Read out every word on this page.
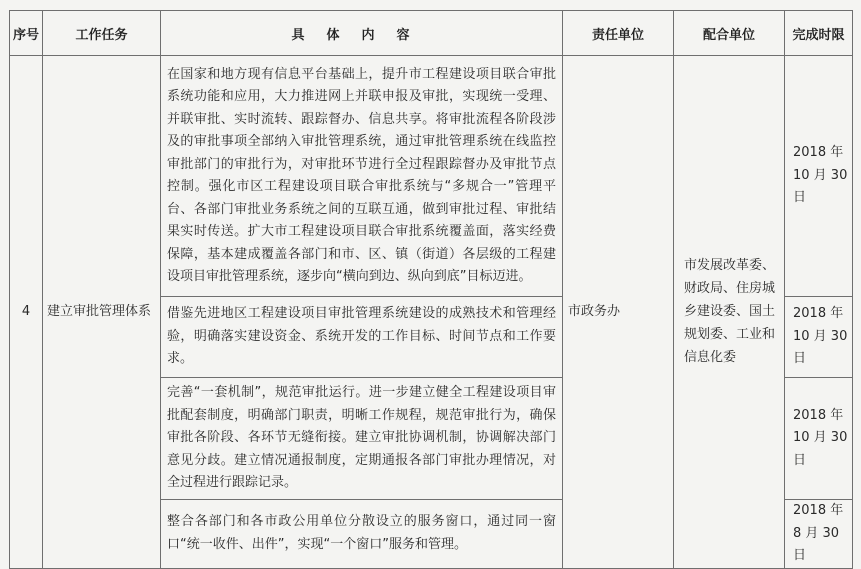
序号	工作任务	具体内容	责任单位	配合单位	完成时限
4	建立审批管理体系	在国家和地方现有信息平台基础上，提升市工程建设项目联合审批系统功能和应用，大力推进网上并联申报及审批，实现统一受理、并联审批、实时流转、跟踪督办、信息共享。将审批流程各阶段涉及的审批事项全部纳入审批管理系统，通过审批管理系统在线监控审批部门的审批行为，对审批环节进行全过程跟踪督办及审批节点控制。强化市区工程建设项目联合审批系统与“多规合一”管理平台、各部门审批业务系统之间的互联互通，做到审批过程、审批结果实时传送。扩大市工程建设项目联合审批系统覆盖面，落实经费保障，基本建成覆盖各部门和市、区、镇（街道）各层级的工程建设项目审批管理系统，逐步向“横向到边、纵向到底”目标迈进。	市政务办	市发展改革委、财政局、住房城乡建设委、国土规划委、工业和信息化委	2018 年 10 月 30 日
		借鉴先进地区工程建设项目审批管理系统建设的成熟技术和管理经验，明确落实建设资金、系统开发的工作目标、时间节点和工作要求。			2018 年 10 月 30 日
		完善“一套机制”，规范审批运行。进一步建立健全工程建设项目审批配套制度，明确部门职责，明晰工作规程，规范审批行为，确保审批各阶段、各环节无缝衔接。建立审批协调机制，协调解决部门意见分歧。建立情况通报制度，定期通报各部门审批办理情况，对全过程进行跟踪记录。			2018 年 10 月 30 日
		整合各部门和各市政公用单位分散设立的服务窗口，通过同一窗口“统一收件、出件”，实现“一个窗口”服务和管理。			2018 年 8 月 30 日
